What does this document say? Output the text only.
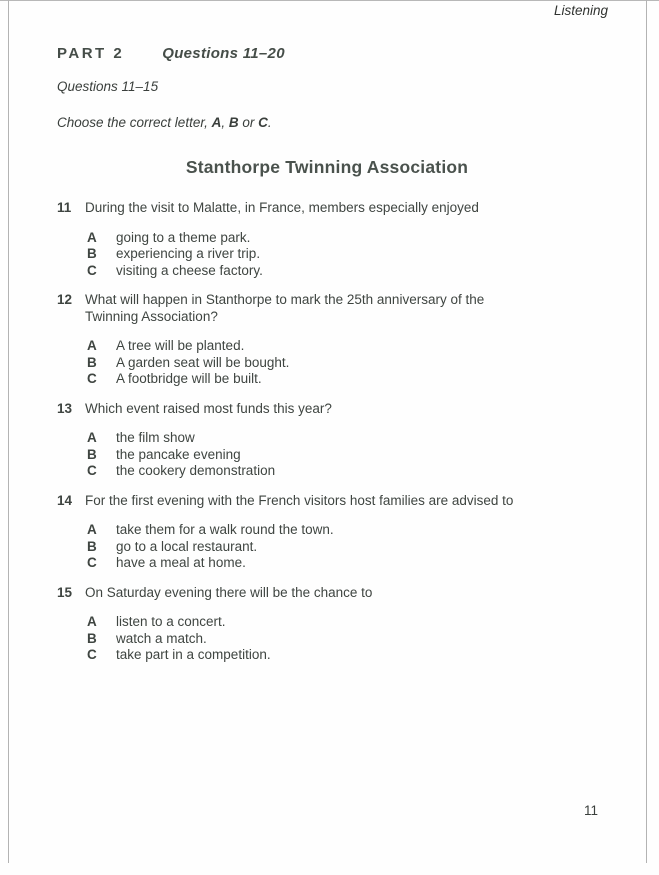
Listening
PART 2	Questions 11–20
Questions 11–15
Choose the correct letter, A, B or C.
Stanthorpe Twinning Association
11	During the visit to Malatte, in France, members especially enjoyed
A	going to a theme park.
B	experiencing a river trip.
C	visiting a cheese factory.
12 What will happen in Stanthorpe to mark the 25th anniversary of the
Twinning Association?
A	A tree will be planted.
B	A garden seat will be bought.
C	A footbridge will be built.
13 Which event raised most funds this year?
A	the film show
B	the pancake evening
C	the cookery demonstration
14 For the first evening with the French visitors host families are advised to
A	take them for a walk round the town.
B	go to a local restaurant.
C	have a meal at home.
15 On Saturday evening there will be the chance to
A	listen to a concert.
B	watch a match.
C	take part in a competition.
11
